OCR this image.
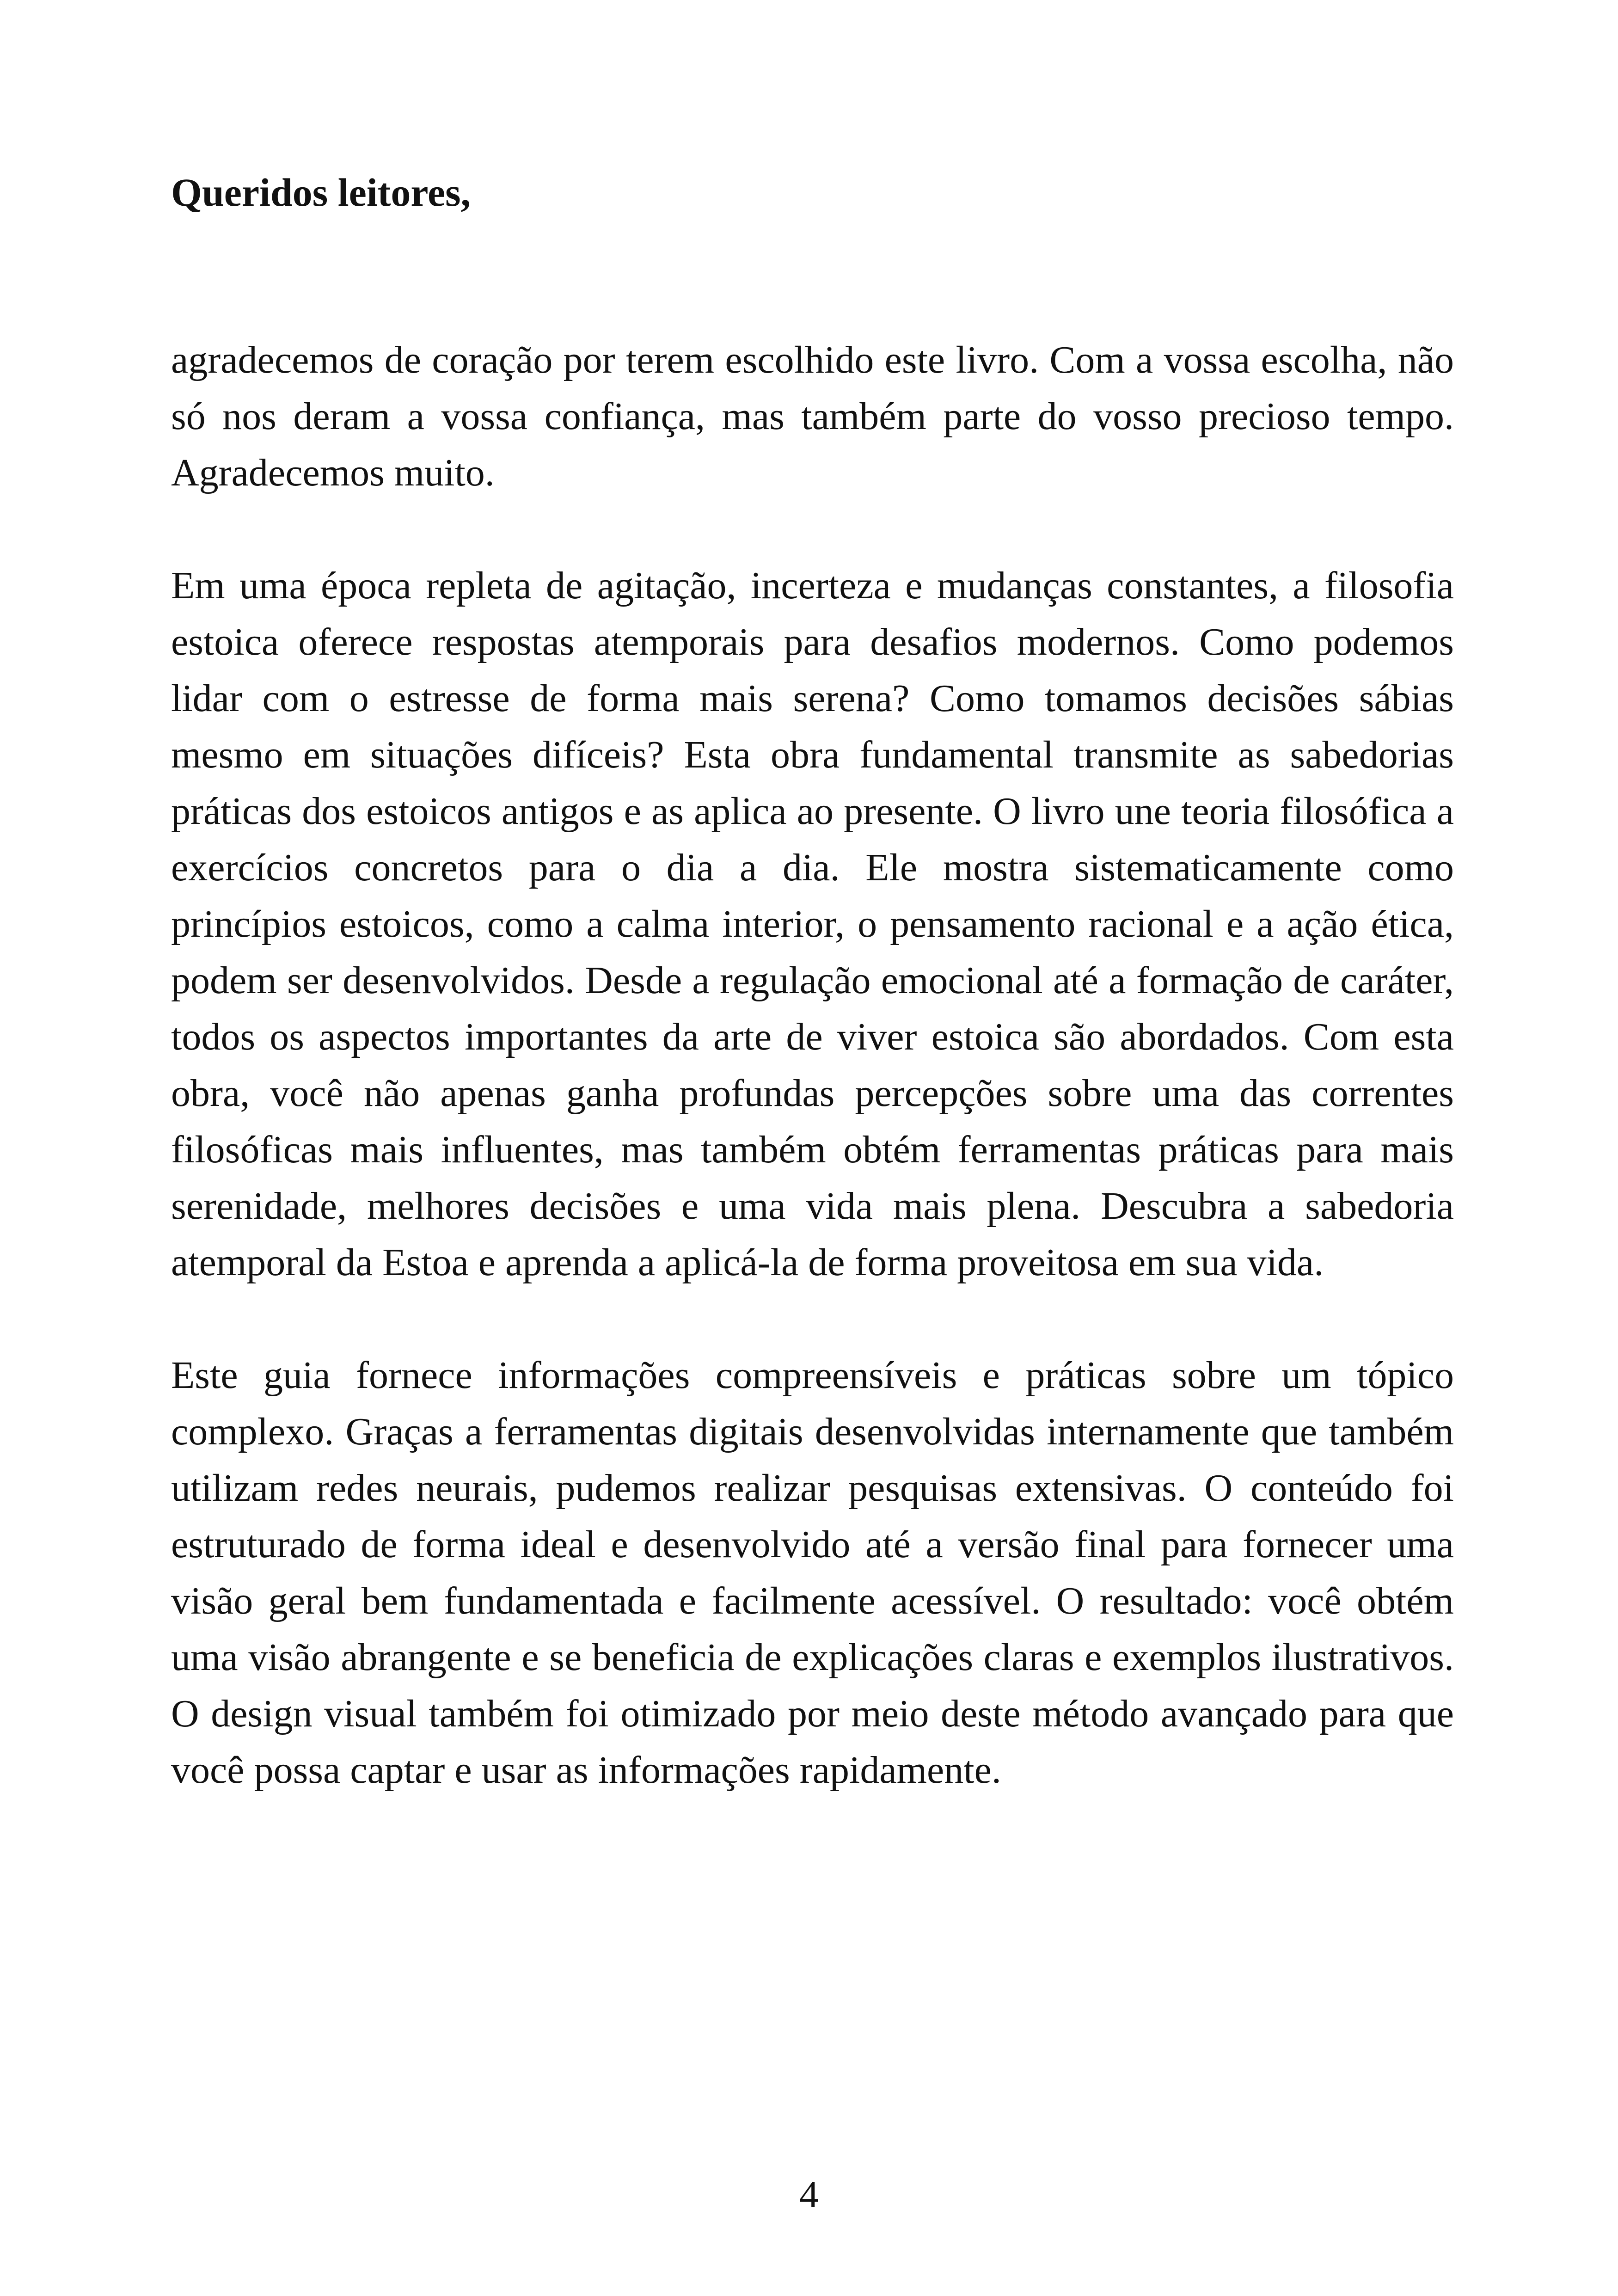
Queridos leitores,

agradecemos de coração por terem escolhido este livro. Com a vossa escolha, não só nos deram a vossa confiança, mas também parte do vosso precioso tempo. Agradecemos muito.

Em uma época repleta de agitação, incerteza e mudanças constantes, a filosofia estoica oferece respostas atemporais para desafios modernos. Como podemos lidar com o estresse de forma mais serena? Como tomamos decisões sábias mesmo em situações difíceis? Esta obra fundamental transmite as sabedorias práticas dos estoicos antigos e as aplica ao presente. O livro une teoria filosófica a exercícios concretos para o dia a dia. Ele mostra sistematicamente como princípios estoicos, como a calma interior, o pensamento racional e a ação ética, podem ser desenvolvidos. Desde a regulação emocional até a formação de caráter, todos os aspectos importantes da arte de viver estoica são abordados. Com esta obra, você não apenas ganha profundas percepções sobre uma das correntes filosóficas mais influentes, mas também obtém ferramentas práticas para mais serenidade, melhores decisões e uma vida mais plena. Descubra a sabedoria atemporal da Estoa e aprenda a aplicá-la de forma proveitosa em sua vida.

Este guia fornece informações compreensíveis e práticas sobre um tópico complexo. Graças a ferramentas digitais desenvolvidas internamente que também utilizam redes neurais, pudemos realizar pesquisas extensivas. O conteúdo foi estruturado de forma ideal e desenvolvido até a versão final para fornecer uma visão geral bem fundamentada e facilmente acessível. O resultado: você obtém uma visão abrangente e se beneficia de explicações claras e exemplos ilustrativos. O design visual também foi otimizado por meio deste método avançado para que você possa captar e usar as informações rapidamente.

4
